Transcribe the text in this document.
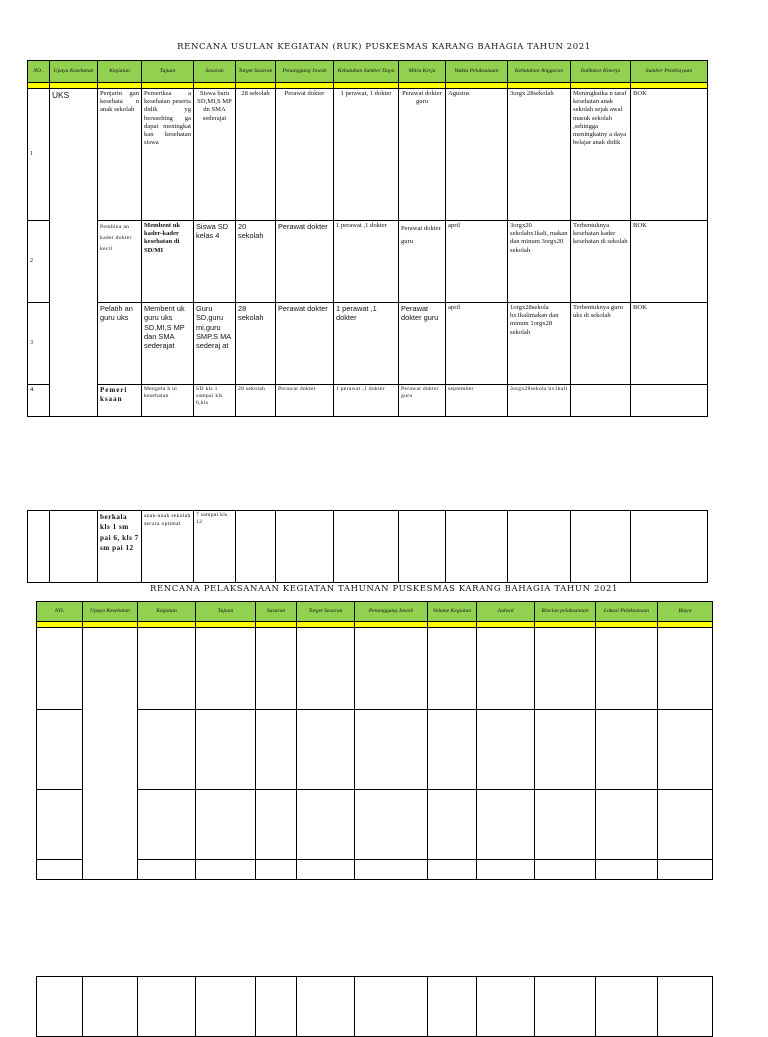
RENCANA USULAN KEGIATAN (RUK) PUSKESMAS KARANG BAHAGIA TAHUN 2021
NO .	Upaya Kesehatan	Kegiatan	Tujuan	Sasaran	Target Sasaran	Penanggung Jawab	Kebutuhan Sumber Daya	Mitra Kerja	Waktu Pelaksanaan	Kebutuhan Anggaran	Indikator Kinerja	Sumber Pembiayaan

1	UKS	Penjarin gan kesehata n anak sekolah	Pemeriksa a kesehatan peserta didik yg berusehing ga dapat meningkat kan kesehatan siswa	Siswa baru SD,MI,S MP dn SMA sederajat	28 sekolah	Perawat dokter	1 perawat, 1 dokter	Perawat dokter guru	Agustus	3orgx 28sekolah	Meningkatka n taraf kesehatan anak sekolah sejak awal masuk sekolah ,sehingga meningkatny a daya belajar anak didik	BOK
2		Pembina an kader dokter kecil	Membent uk kader-kader kesehatan di SD/MI	Siswa SD kelas 4	20 sekolah	Perawat dokter	1 perawat ,1 dokter	Perawat dokter guru	april	3orgx20 sekolahx1kali, makan dan minum 3orgx20 sekolah	Terbentuknya kesehatan kader kesehatan di sekolah	BOK
3		Pelatih an guru uks	Membent uk guru uks SD,MI,S MP dan SMA sederajat	Guru SD,guru mi,guru SMP,S MA sederaj at	28 sekolah	Perawat dokter	1 perawat ,1 dokter	Perawat dokter guru	april	1orgx28sekola hx1kalimakan dan minum 1orgx28 sekolah	Terbentuknya guru uks di sekolah	BOK
4		Pemeri ksaan	Mengeta h ui kesehatan	SD kls 1 sampai kls 6,kls	28 sekolah	Perawat dokter	1 perawat ,1 dokter	Perawat dokter guru	september	3orgx28sekola hx1kali		
		berkala kls 1 sm pai 6, kls 7 sm pai 12	anak-anak sekolah secara optimal	7 sampai kls 12								
RENCANA PELAKSANAAN KEGIATAN TAHUNAN PUSKESMAS KARANG BAHAGIA TAHUN 2021
NO.	Upaya Kesehatan	Kegiatan	Tujuan	Sasaran	Target Sasaran	Penanggung Jawab	Volume Kegiatan	Jadwal	Rincian pelaksanaan	Lokasi Pelaksanaan	Biaya
